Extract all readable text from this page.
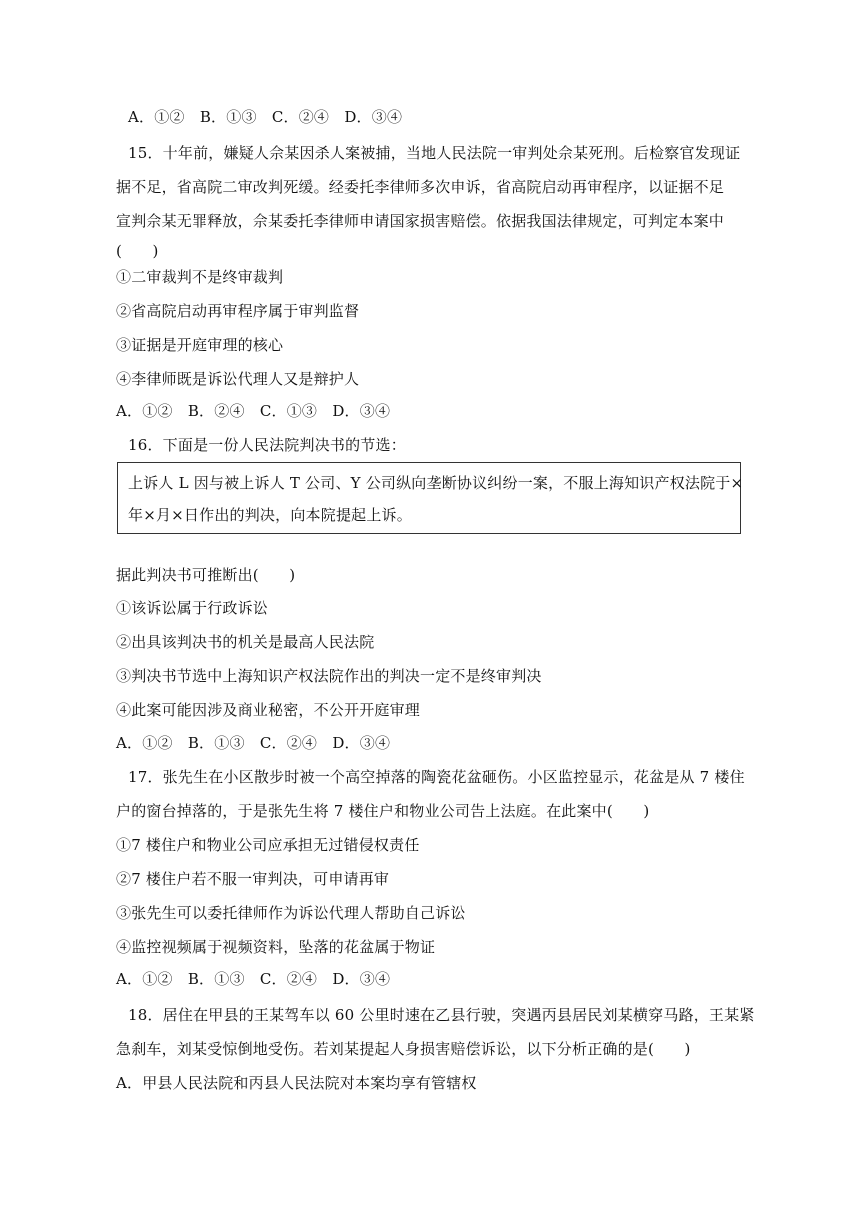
A．①②　B．①③　C．②④　D．③④
15．十年前，嫌疑人佘某因杀人案被捕，当地人民法院一审判处佘某死刑。后检察官发现证
据不足，省高院二审改判死缓。经委托李律师多次申诉，省高院启动再审程序，以证据不足
宣判佘某无罪释放，佘某委托李律师申请国家损害赔偿。依据我国法律规定，可判定本案中
(　　)
①二审裁判不是终审裁判
②省高院启动再审程序属于审判监督
③证据是开庭审理的核心
④李律师既是诉讼代理人又是辩护人
A．①②　B．②④　C．①③　D．③④
16．下面是一份人民法院判决书的节选：
上诉人 L 因与被上诉人 T 公司、Y 公司纵向垄断协议纠纷一案，不服上海知识产权法院于×
年×月×日作出的判决，向本院提起上诉。
据此判决书可推断出(　　)
①该诉讼属于行政诉讼
②出具该判决书的机关是最高人民法院
③判决书节选中上海知识产权法院作出的判决一定不是终审判决
④此案可能因涉及商业秘密，不公开开庭审理
A．①②　B．①③　C．②④　D．③④
17．张先生在小区散步时被一个高空掉落的陶瓷花盆砸伤。小区监控显示，花盆是从 7 楼住
户的窗台掉落的，于是张先生将 7 楼住户和物业公司告上法庭。在此案中(　　)
①7 楼住户和物业公司应承担无过错侵权责任
②7 楼住户若不服一审判决，可申请再审
③张先生可以委托律师作为诉讼代理人帮助自己诉讼
④监控视频属于视频资料，坠落的花盆属于物证
A．①②　B．①③　C．②④　D．③④
18．居住在甲县的王某驾车以 60 公里时速在乙县行驶，突遇丙县居民刘某横穿马路，王某紧
急刹车，刘某受惊倒地受伤。若刘某提起人身损害赔偿诉讼，以下分析正确的是(　　)
A．甲县人民法院和丙县人民法院对本案均享有管辖权
